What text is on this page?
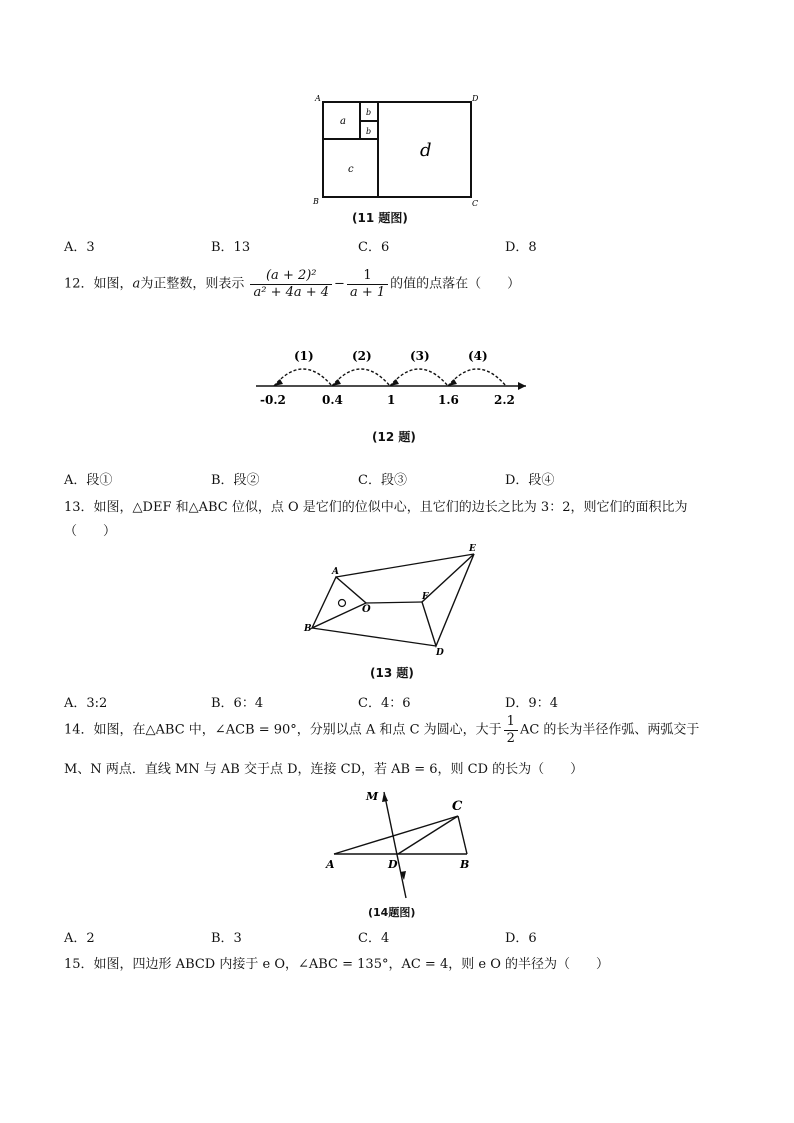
A	D
B	C
a
b
b
c
d
(11 题图)
A．3	B．13	C．6	D．8
12．如图，a为正整数，则表示 $\frac{\text{(a + 2)²}}{\text{a² + 4a + 4}} - \frac{1}{a + 1}$ 的值的点落在（　　）
(1)	(2)	(3)	(4)
-0.2	0.4	1	1.6	2.2
(12 题)
A．段①	B．段②	C．段③	D．段④
13．如图，△DEF 和△ABC 位似，点 O 是它们的位似中心，且它们的边长之比为 3：2，则它们的面积比为
（　　）
A
B
C O
E
F
D
(13 题)
A．3:2	B．6：4	C．4：6	D．9：4
14．如图，在△ABC 中，∠ACB = 90°，分别以点 A 和点 C 为圆心，大于 $\frac{1}{2}$ AC 的长为半径作弧、两弧交于
M、N 两点．直线 MN 与 AB 交于点 D，连接 CD，若 AB = 6，则 CD 的长为（　　）
M
C
A	D	B
(14题图)
A．2	B．3	C．4	D．6
15．如图，四边形 ABCD 内接于 e O，∠ABC = 135°，AC = 4，则 e O 的半径为（　　）
